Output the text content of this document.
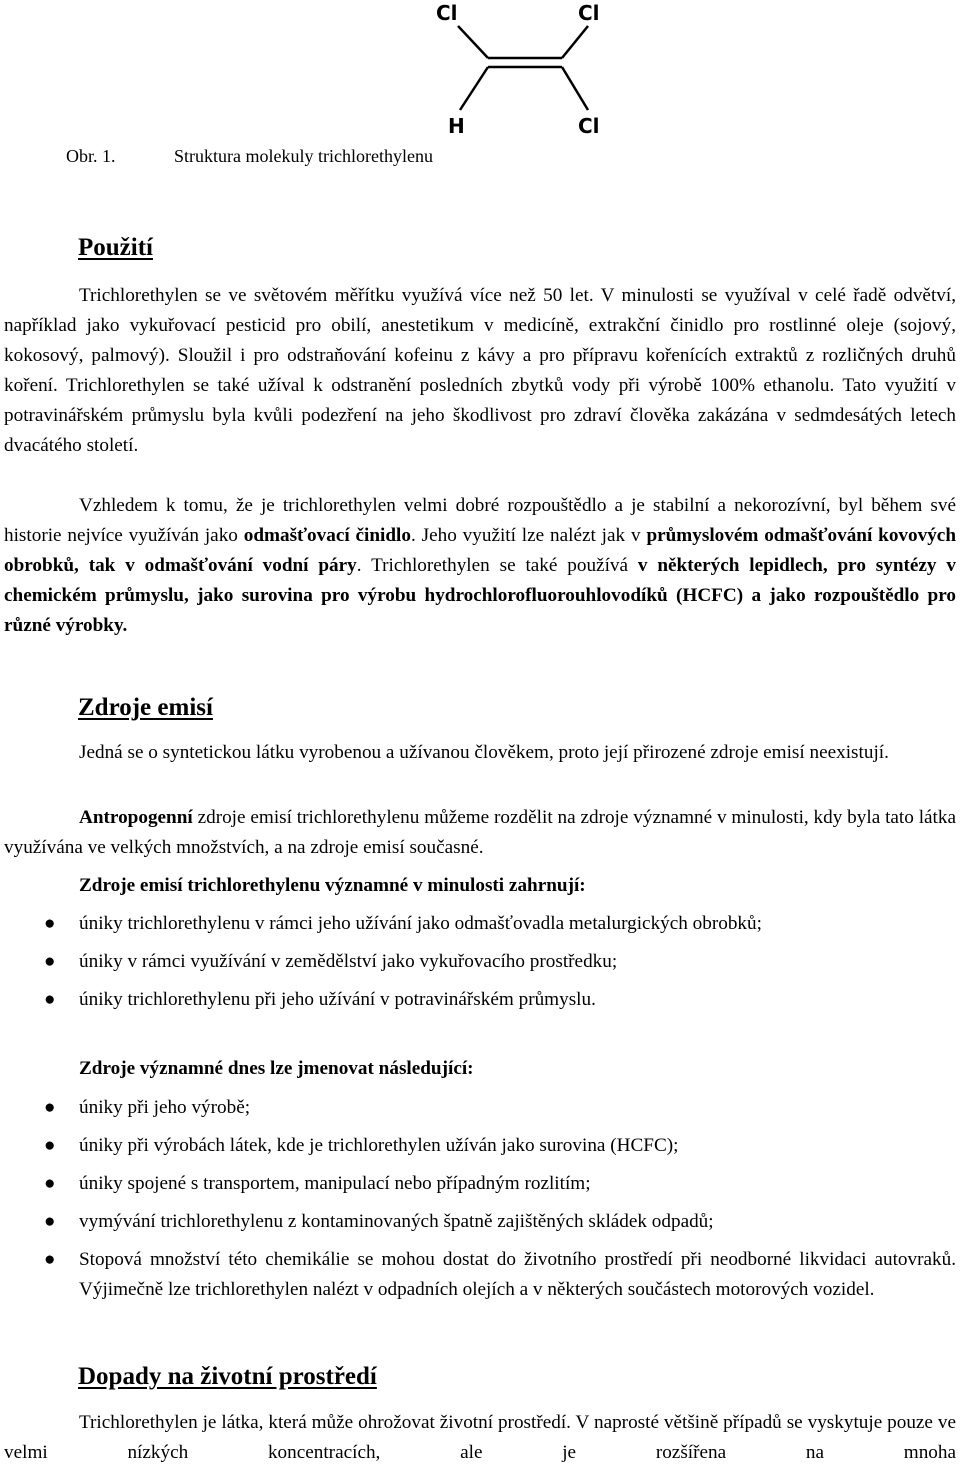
Cl	Cl
H	Cl
Obr. 1.	Struktura molekuly trichlorethylenu
Použití

Trichlorethylen se ve světovém měřítku využívá více než 50 let. V minulosti se využíval v celé řadě odvětví, například jako vykuřovací pesticid pro obilí, anestetikum v medicíně, extrakční činidlo pro rostlinné oleje (sojový, kokosový, palmový). Sloužil i pro odstraňování kofeinu z kávy a pro přípravu kořenících extraktů z rozličných druhů koření. Trichlorethylen se také užíval k odstranění posledních zbytků vody při výrobě 100% ethanolu. Tato využití v potravinářském průmyslu byla kvůli podezření na jeho škodlivost pro zdraví člověka zakázána v sedmdesátých letech dvacátého století.

Vzhledem k tomu, že je trichlorethylen velmi dobré rozpouštědlo a je stabilní a nekorozívní, byl během své historie nejvíce využíván jako odmašťovací činidlo. Jeho využití lze nalézt jak v průmyslovém odmašťování kovových obrobků, tak v odmašťování vodní páry. Trichlorethylen se také používá v některých lepidlech, pro syntézy v chemickém průmyslu, jako surovina pro výrobu hydrochlorofluorouhlovodíků (HCFC) a jako rozpouštědlo pro různé výrobky.

Zdroje emisí

Jedná se o syntetickou látku vyrobenou a užívanou člověkem, proto její přirozené zdroje emisí neexistují.

Antropogenní zdroje emisí trichlorethylenu můžeme rozdělit na zdroje významné v minulosti, kdy byla tato látka využívána ve velkých množstvích, a na zdroje emisí současné.

Zdroje emisí trichlorethylenu významné v minulosti zahrnují:

● úniky trichlorethylenu v rámci jeho užívání jako odmašťovadla metalurgických obrobků;
● úniky v rámci využívání v zemědělství jako vykuřovacího prostředku;
● úniky trichlorethylenu při jeho užívání v potravinářském průmyslu.

Zdroje významné dnes lze jmenovat následující:

● úniky při jeho výrobě;
● úniky při výrobách látek, kde je trichlorethylen užíván jako surovina (HCFC);
● úniky spojené s transportem, manipulací nebo případným rozlitím;
● vymývání trichlorethylenu z kontaminovaných špatně zajištěných skládek odpadů;
● Stopová množství této chemikálie se mohou dostat do životního prostředí při neodborné likvidaci autovraků. Výjimečně lze trichlorethylen nalézt v odpadních olejích a v některých součástech motorových vozidel.
Dopady na životní prostředí

Trichlorethylen je látka, která může ohrožovat životní prostředí. V naprosté většině případů se vyskytuje pouze ve velmi nízkých koncentracích, ale je rozšířena na mnoha
